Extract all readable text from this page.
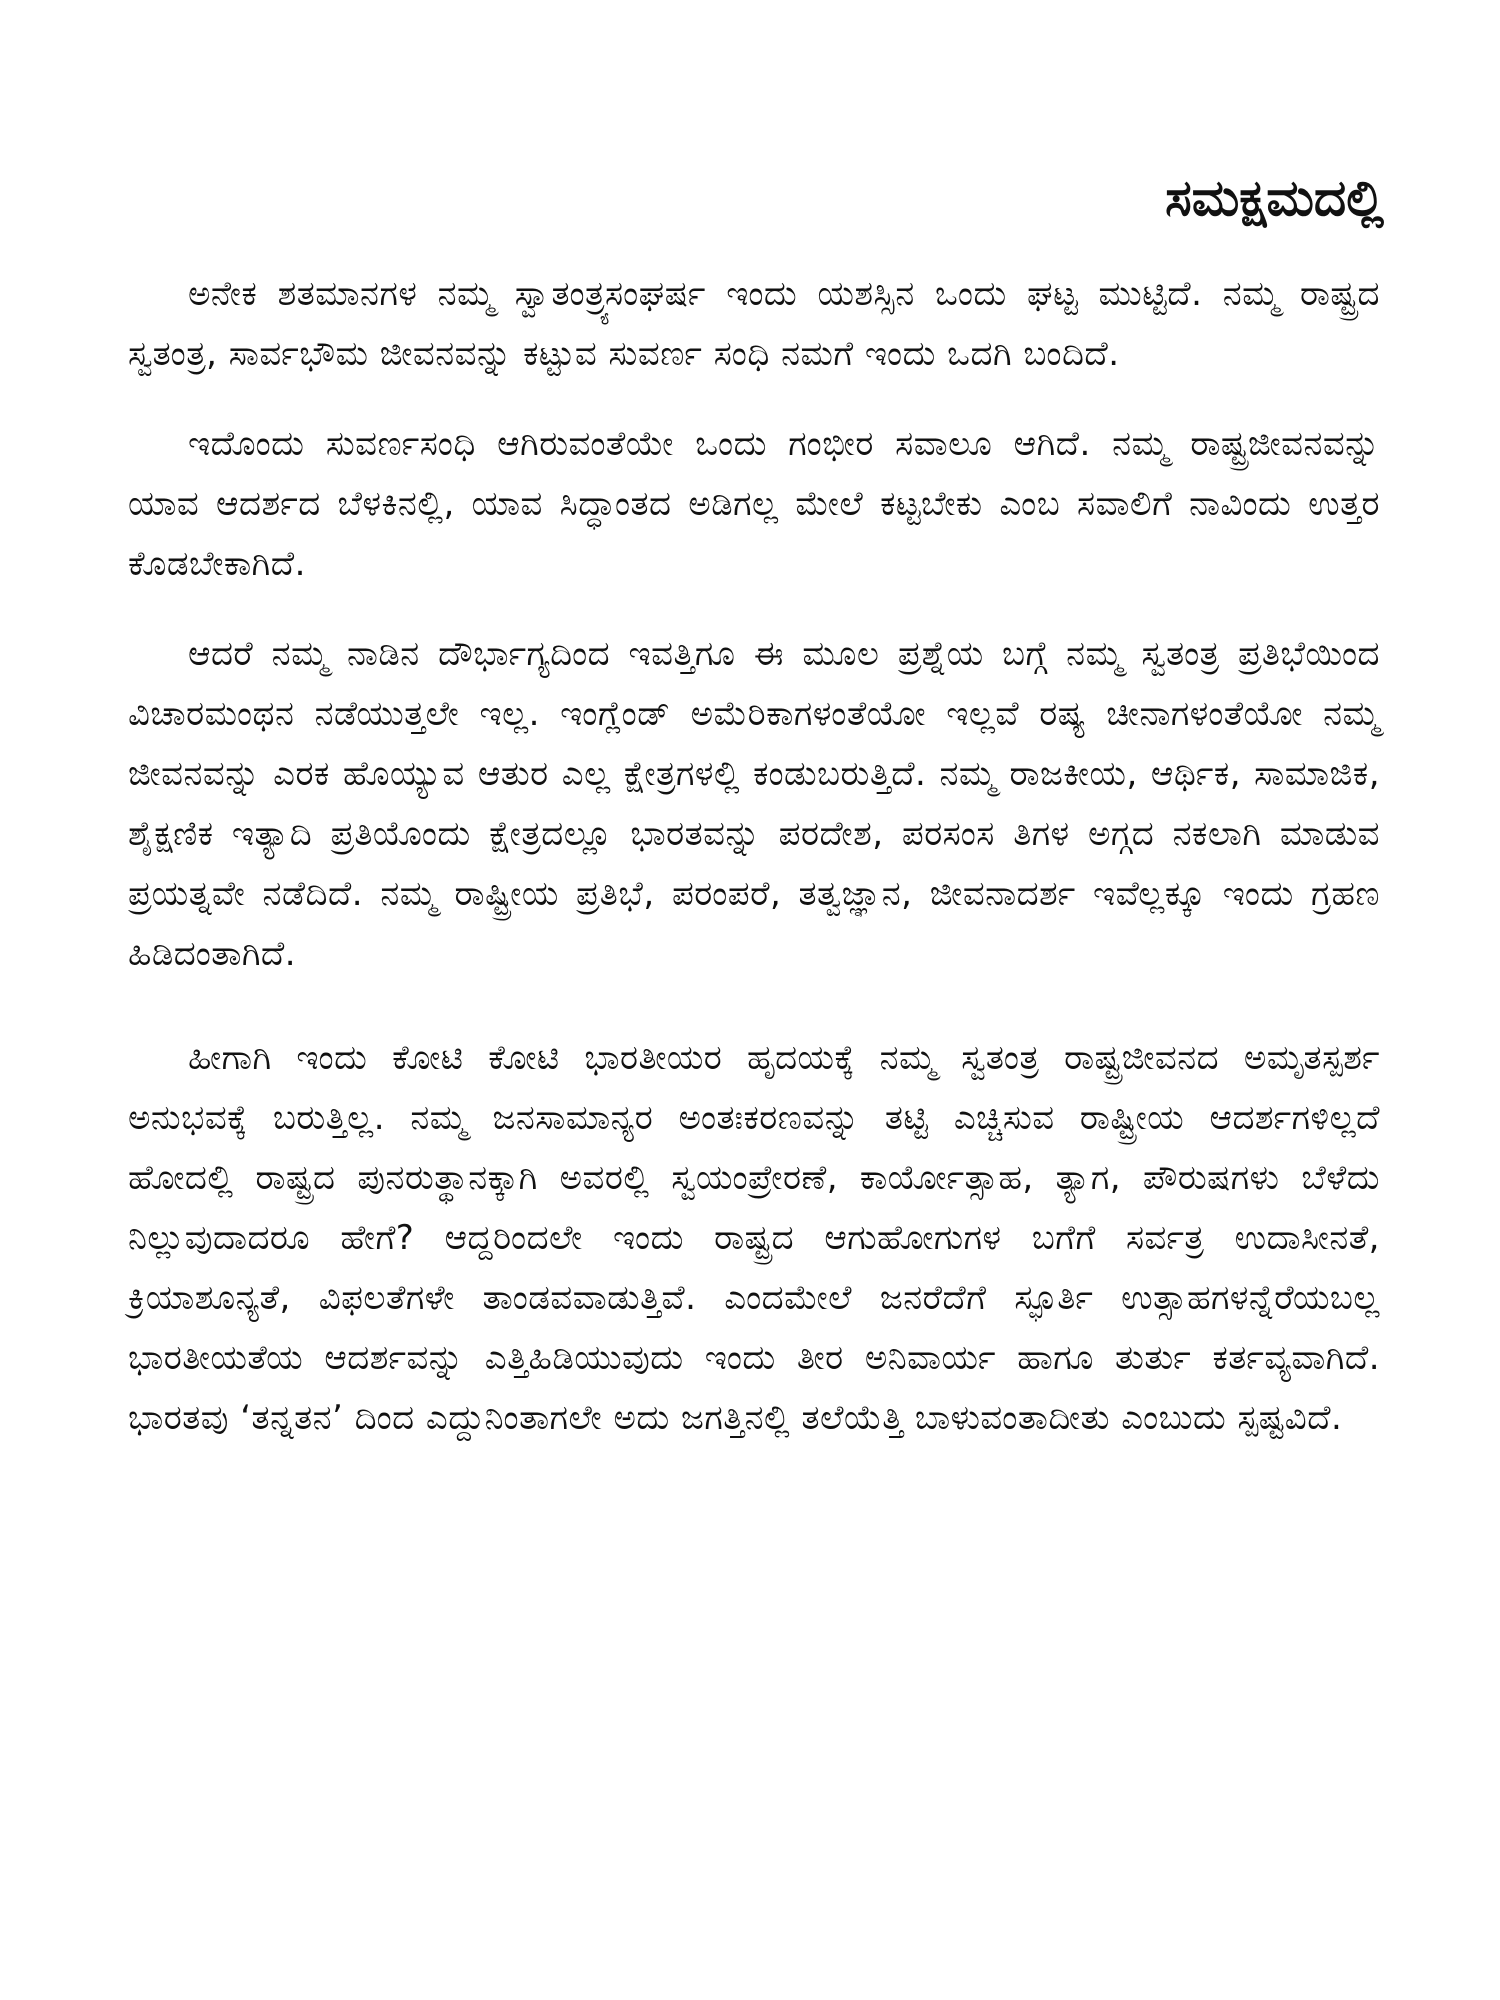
ಸಮಕ್ಷಮದಲ್ಲಿ

ಅನೇಕ ಶತಮಾನಗಳ ನಮ್ಮ ಸ್ವಾತಂತ್ರ್ಯಸಂಘರ್ಷ ಇಂದು ಯಶಸ್ಸಿನ ಒಂದು ಘಟ್ಟ ಮುಟ್ಟಿದೆ. ನಮ್ಮ ರಾಷ್ಟ್ರದ ಸ್ವತಂತ್ರ, ಸಾರ್ವಭೌಮ ಜೀವನವನ್ನು ಕಟ್ಟುವ ಸುವರ್ಣ ಸಂಧಿ ನಮಗೆ ಇಂದು ಒದಗಿ ಬಂದಿದೆ.

ಇದೊಂದು ಸುವರ್ಣಸಂಧಿ ಆಗಿರುವಂತೆಯೇ ಒಂದು ಗಂಭೀರ ಸವಾಲೂ ಆಗಿದೆ. ನಮ್ಮ ರಾಷ್ಟ್ರಜೀವನವನ್ನು ಯಾವ ಆದರ್ಶದ ಬೆಳಕಿನಲ್ಲಿ, ಯಾವ ಸಿದ್ಧಾಂತದ ಅಡಿಗಲ್ಲ ಮೇಲೆ ಕಟ್ಟಬೇಕು ಎಂಬ ಸವಾಲಿಗೆ ನಾವಿಂದು ಉತ್ತರ ಕೊಡಬೇಕಾಗಿದೆ.

ಆದರೆ ನಮ್ಮ ನಾಡಿನ ದೌರ್ಭಾಗ್ಯದಿಂದ ಇವತ್ತಿಗೂ ಈ ಮೂಲ ಪ್ರಶ್ನೆಯ ಬಗ್ಗೆ ನಮ್ಮ ಸ್ವತಂತ್ರ ಪ್ರತಿಭೆಯಿಂದ ವಿಚಾರಮಂಥನ ನಡೆಯುತ್ತಲೇ ಇಲ್ಲ. ಇಂಗ್ಲೆಂಡ್ ಅಮೆರಿಕಾಗಳಂತೆಯೋ ಇಲ್ಲವೆ ರಷ್ಯ ಚೀನಾಗಳಂತೆಯೋ ನಮ್ಮ ಜೀವನವನ್ನು ಎರಕ ಹೊಯ್ಯುವ ಆತುರ ಎಲ್ಲ ಕ್ಷೇತ್ರಗಳಲ್ಲಿ ಕಂಡುಬರುತ್ತಿದೆ. ನಮ್ಮ ರಾಜಕೀಯ, ಆರ್ಥಿಕ, ಸಾಮಾಜಿಕ, ಶೈಕ್ಷಣಿಕ ಇತ್ಯಾದಿ ಪ್ರತಿಯೊಂದು ಕ್ಷೇತ್ರದಲ್ಲೂ ಭಾರತವನ್ನು ಪರದೇಶ, ಪರಸಂಸ ತಿಗಳ ಅಗ್ಗದ ನಕಲಾಗಿ ಮಾಡುವ ಪ್ರಯತ್ನವೇ ನಡೆದಿದೆ. ನಮ್ಮ ರಾಷ್ಟ್ರೀಯ ಪ್ರತಿಭೆ, ಪರಂಪರೆ, ತತ್ವಜ್ಞಾನ, ಜೀವನಾದರ್ಶ ಇವೆಲ್ಲಕ್ಕೂ ಇಂದು ಗ್ರಹಣ ಹಿಡಿದಂತಾಗಿದೆ.

ಹೀಗಾಗಿ ಇಂದು ಕೋಟಿ ಕೋಟಿ ಭಾರತೀಯರ ಹೃದಯಕ್ಕೆ ನಮ್ಮ ಸ್ವತಂತ್ರ ರಾಷ್ಟ್ರಜೀವನದ ಅಮೃತಸ್ಪರ್ಶ ಅನುಭವಕ್ಕೆ ಬರುತ್ತಿಲ್ಲ. ನಮ್ಮ ಜನಸಾಮಾನ್ಯರ ಅಂತಃಕರಣವನ್ನು ತಟ್ಟಿ ಎಚ್ಚಿಸುವ ರಾಷ್ಟ್ರೀಯ ಆದರ್ಶಗಳಿಲ್ಲದೆ ಹೋದಲ್ಲಿ ರಾಷ್ಟ್ರದ ಪುನರುತ್ಥಾನಕ್ಕಾಗಿ ಅವರಲ್ಲಿ ಸ್ವಯಂಪ್ರೇರಣೆ, ಕಾರ್ಯೋತ್ಸಾಹ, ತ್ಯಾಗ, ಪೌರುಷಗಳು ಬೆಳೆದು ನಿಲ್ಲುವುದಾದರೂ ಹೇಗೆ? ಆದ್ದರಿಂದಲೇ ಇಂದು ರಾಷ್ಟ್ರದ ಆಗುಹೋಗುಗಳ ಬಗೆಗೆ ಸರ್ವತ್ರ ಉದಾಸೀನತೆ, ಕ್ರಿಯಾಶೂನ್ಯತೆ, ವಿಫಲತೆಗಳೇ ತಾಂಡವವಾಡುತ್ತಿವೆ. ಎಂದಮೇಲೆ ಜನರೆದೆಗೆ ಸ್ಫೂರ್ತಿ ಉತ್ಸಾಹಗಳನ್ನೆರೆಯಬಲ್ಲ ಭಾರತೀಯತೆಯ ಆದರ್ಶವನ್ನು ಎತ್ತಿಹಿಡಿಯುವುದು ಇಂದು ತೀರ ಅನಿವಾರ್ಯ ಹಾಗೂ ತುರ್ತು ಕರ್ತವ್ಯವಾಗಿದೆ. ಭಾರತವು ‘ತನ್ನತನ’ ದಿಂದ ಎದ್ದುನಿಂತಾಗಲೇ ಅದು ಜಗತ್ತಿನಲ್ಲಿ ತಲೆಯೆತ್ತಿ ಬಾಳುವಂತಾದೀತು ಎಂಬುದು ಸ್ಪಷ್ಟವಿದೆ.
